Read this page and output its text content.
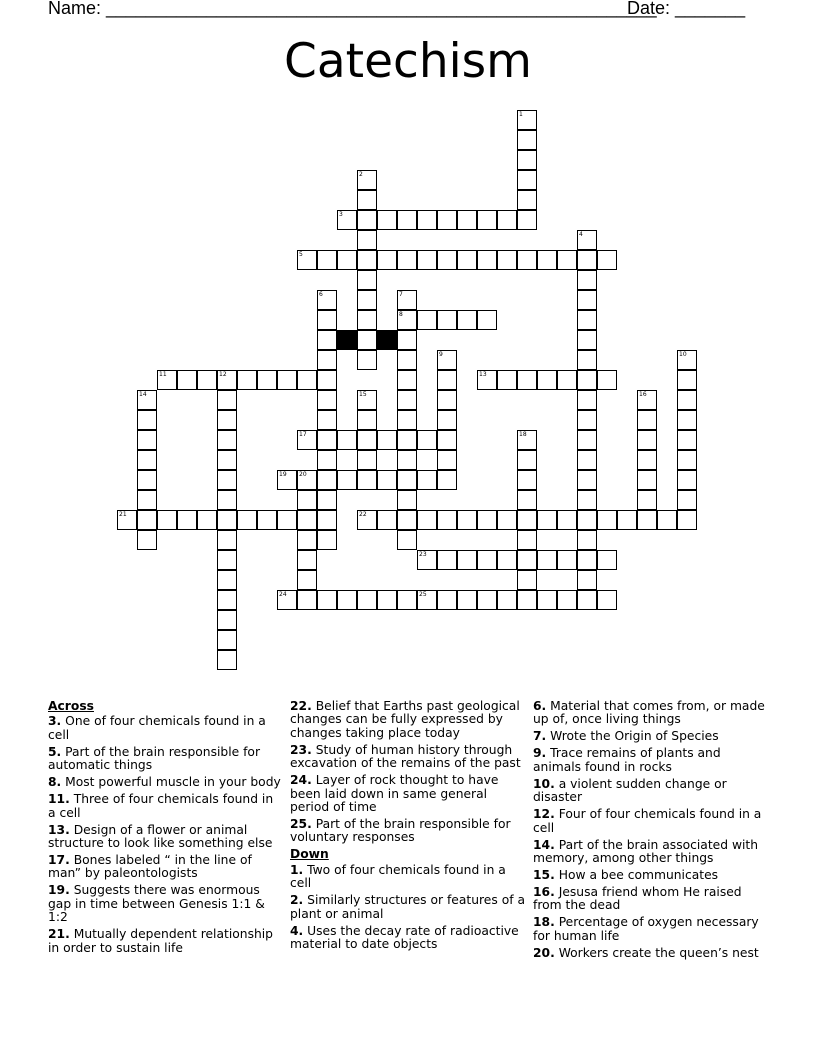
Name: _______________________________________________________
Date: _______
Catechism
3
5
8
11	12	13
17
19 20
21	22
23
24	25
1
2
4
6	7
9	10
14	15	16
18
Across
3. One of four chemicals found in a cell
5. Part of the brain responsible for automatic things
8. Most powerful muscle in your body
11. Three of four chemicals found in a cell
13. Design of a flower or animal structure to look like something else
17. Bones labeled “ in the line of man” by paleontologists
19. Suggests there was enormous gap in time between Genesis 1:1 & 1:2
21. Mutually dependent relationship in order to sustain life
22. Belief that Earths past geological changes can be fully expressed by changes taking place today
23. Study of human history through excavation of the remains of the past
24. Layer of rock thought to have been laid down in same general period of time
25. Part of the brain responsible for voluntary responses
Down
1. Two of four chemicals found in a cell
2. Similarly structures or features of a plant or animal
4. Uses the decay rate of radioactive material to date objects
6. Material that comes from, or made up of, once living things
7. Wrote the Origin of Species
9. Trace remains of plants and animals found in rocks
10. a violent sudden change or disaster
12. Four of four chemicals found in a cell
14. Part of the brain associated with memory, among other things
15. How a bee communicates
16. Jesusa friend whom He raised from the dead
18. Percentage of oxygen necessary for human life
20. Workers create the queen’s nest
